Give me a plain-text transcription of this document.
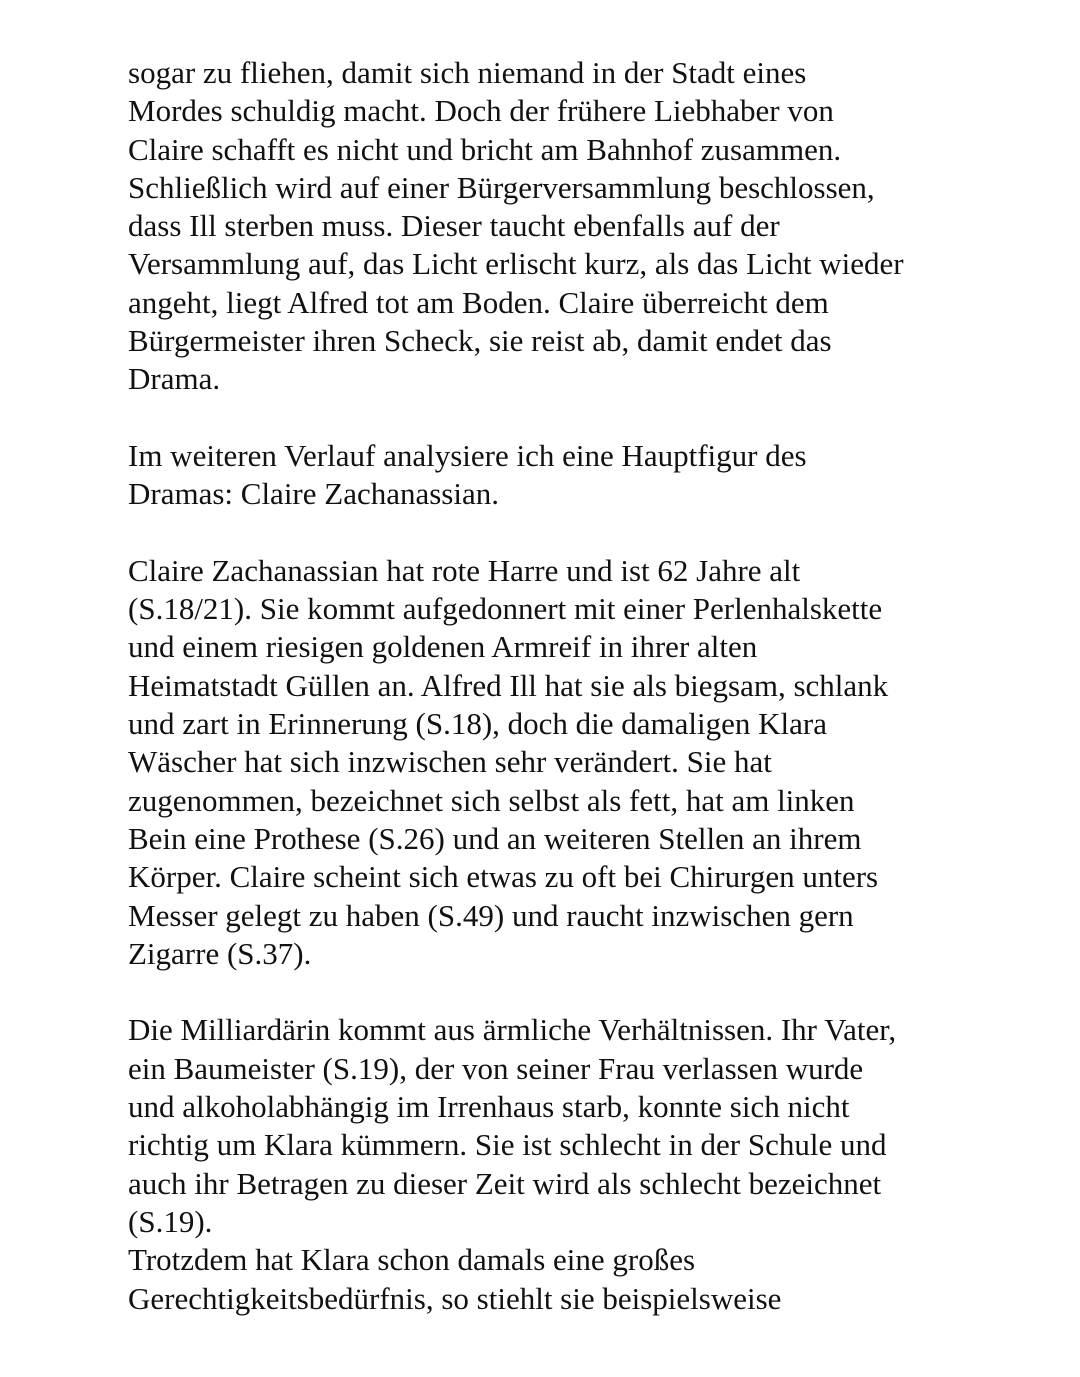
sogar zu fliehen, damit sich niemand in der Stadt eines
Mordes schuldig macht. Doch der frühere Liebhaber von
Claire schafft es nicht und bricht am Bahnhof zusammen.
Schließlich wird auf einer Bürgerversammlung beschlossen,
dass Ill sterben muss. Dieser taucht ebenfalls auf der
Versammlung auf, das Licht erlischt kurz, als das Licht wieder
angeht, liegt Alfred tot am Boden. Claire überreicht dem
Bürgermeister ihren Scheck, sie reist ab, damit endet das
Drama.
Im weiteren Verlauf analysiere ich eine Hauptfigur des
Dramas: Claire Zachanassian.
Claire Zachanassian hat rote Harre und ist 62 Jahre alt
(S.18/21). Sie kommt aufgedonnert mit einer Perlenhalskette
und einem riesigen goldenen Armreif in ihrer alten
Heimatstadt Güllen an. Alfred Ill hat sie als biegsam, schlank
und zart in Erinnerung (S.18), doch die damaligen Klara
Wäscher hat sich inzwischen sehr verändert. Sie hat
zugenommen, bezeichnet sich selbst als fett, hat am linken
Bein eine Prothese (S.26) und an weiteren Stellen an ihrem
Körper. Claire scheint sich etwas zu oft bei Chirurgen unters
Messer gelegt zu haben (S.49) und raucht inzwischen gern
Zigarre (S.37).
Die Milliardärin kommt aus ärmliche Verhältnissen. Ihr Vater,
ein Baumeister (S.19), der von seiner Frau verlassen wurde
und alkoholabhängig im Irrenhaus starb, konnte sich nicht
richtig um Klara kümmern. Sie ist schlecht in der Schule und
auch ihr Betragen zu dieser Zeit wird als schlecht bezeichnet
(S.19).
Trotzdem hat Klara schon damals eine großes
Gerechtigkeitsbedürfnis, so stiehlt sie beispielsweise
